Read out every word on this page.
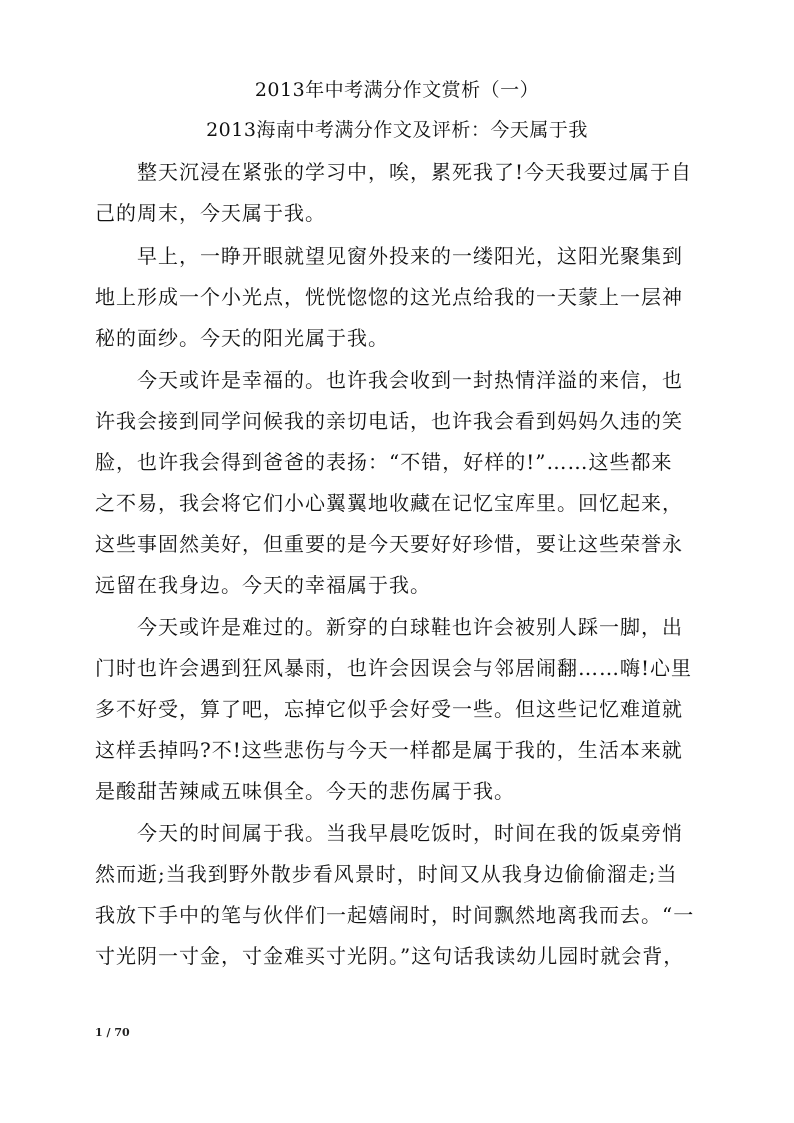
2013年中考满分作文赏析（一）
2013海南中考满分作文及评析：今天属于我
整天沉浸在紧张的学习中，唉，累死我了!今天我要过属于自
己的周末，今天属于我。
早上，一睁开眼就望见窗外投来的一缕阳光，这阳光聚集到
地上形成一个小光点，恍恍惚惚的这光点给我的一天蒙上一层神
秘的面纱。今天的阳光属于我。
今天或许是幸福的。也许我会收到一封热情洋溢的来信，也
许我会接到同学问候我的亲切电话，也许我会看到妈妈久违的笑
脸，也许我会得到爸爸的表扬：“不错，好样的!”……这些都来
之不易，我会将它们小心翼翼地收藏在记忆宝库里。回忆起来，
这些事固然美好，但重要的是今天要好好珍惜，要让这些荣誉永
远留在我身边。今天的幸福属于我。
今天或许是难过的。新穿的白球鞋也许会被别人踩一脚，出
门时也许会遇到狂风暴雨，也许会因误会与邻居闹翻……嗨!心里
多不好受，算了吧，忘掉它似乎会好受一些。但这些记忆难道就
这样丢掉吗?不!这些悲伤与今天一样都是属于我的，生活本来就
是酸甜苦辣咸五味俱全。今天的悲伤属于我。
今天的时间属于我。当我早晨吃饭时，时间在我的饭桌旁悄
然而逝;当我到野外散步看风景时，时间又从我身边偷偷溜走;当
我放下手中的笔与伙伴们一起嬉闹时，时间飘然地离我而去。“一
寸光阴一寸金，寸金难买寸光阴。”这句话我读幼儿园时就会背，
1 / 70
